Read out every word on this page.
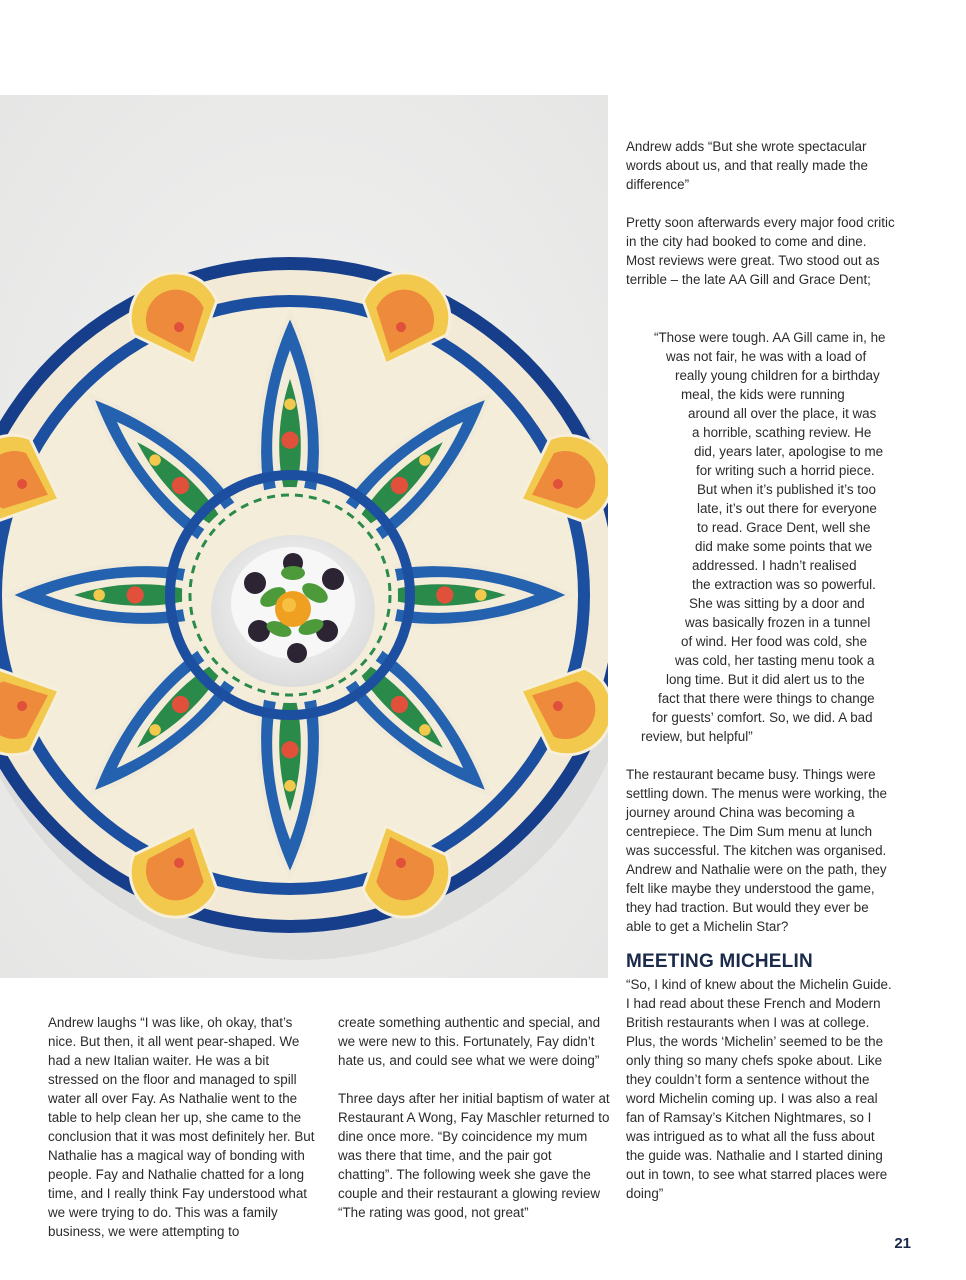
Andrew adds “But she wrote spectacular words about us, and that really made the difference”

Pretty soon afterwards every major food critic in the city had booked to come and dine. Most reviews were great. Two stood out as terrible – the late AA Gill and Grace Dent;

“Those were tough. AA Gill came in, he
was not fair, he was with a load of
really young children for a birthday
meal, the kids were running
around all over the place, it was
a horrible, scathing review. He
did, years later, apologise to me
for writing such a horrid piece.
But when it’s published it’s too
late, it’s out there for everyone
to read. Grace Dent, well she
did make some points that we
addressed. I hadn’t realised
the extraction was so powerful.
She was sitting by a door and
was basically frozen in a tunnel
of wind. Her food was cold, she
was cold, her tasting menu took a
long time. But it did alert us to the
fact that there were things to change
for guests’ comfort. So, we did. A bad
review, but helpful”

The restaurant became busy. Things were settling down. The menus were working, the journey around China was becoming a centrepiece. The Dim Sum menu at lunch was successful. The kitchen was organised. Andrew and Nathalie were on the path, they felt like maybe they understood the game, they had traction. But would they ever be able to get a Michelin Star?

MEETING MICHELIN

“So, I kind of knew about the Michelin Guide. I had read about these French and Modern British restaurants when I was at college. Plus, the words ‘Michelin’ seemed to be the only thing so many chefs spoke about. Like they couldn’t form a sentence without the word Michelin coming up. I was also a real fan of Ramsay’s Kitchen Nightmares, so I was intrigued as to what all the fuss about the guide was. Nathalie and I started dining out in town, to see what starred places were doing”

Andrew laughs “I was like, oh okay, that’s nice. But then, it all went pear-shaped. We had a new Italian waiter. He was a bit stressed on the floor and managed to spill water all over Fay. As Nathalie went to the table to help clean her up, she came to the conclusion that it was most definitely her. But Nathalie has a magical way of bonding with people. Fay and Nathalie chatted for a long time, and I really think Fay understood what we were trying to do. This was a family business, we were attempting to

create something authentic and special, and we were new to this. Fortunately, Fay didn’t hate us, and could see what we were doing”

Three days after her initial baptism of water at Restaurant A Wong, Fay Maschler returned to dine once more. “By coincidence my mum was there that time, and the pair got chatting”. The following week she gave the couple and their restaurant a glowing review “The rating was good, not great”

21
